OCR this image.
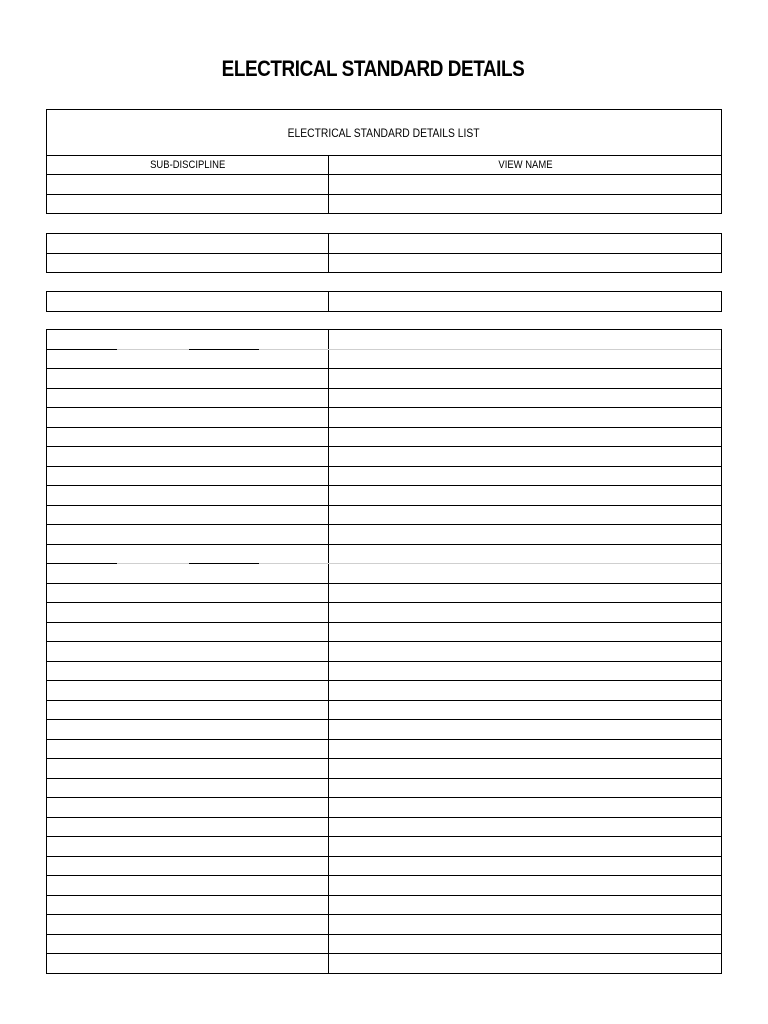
ELECTRICAL STANDARD DETAILS
ELECTRICAL STANDARD DETAILS LIST
SUB-DISCIPLINE	VIEW NAME
